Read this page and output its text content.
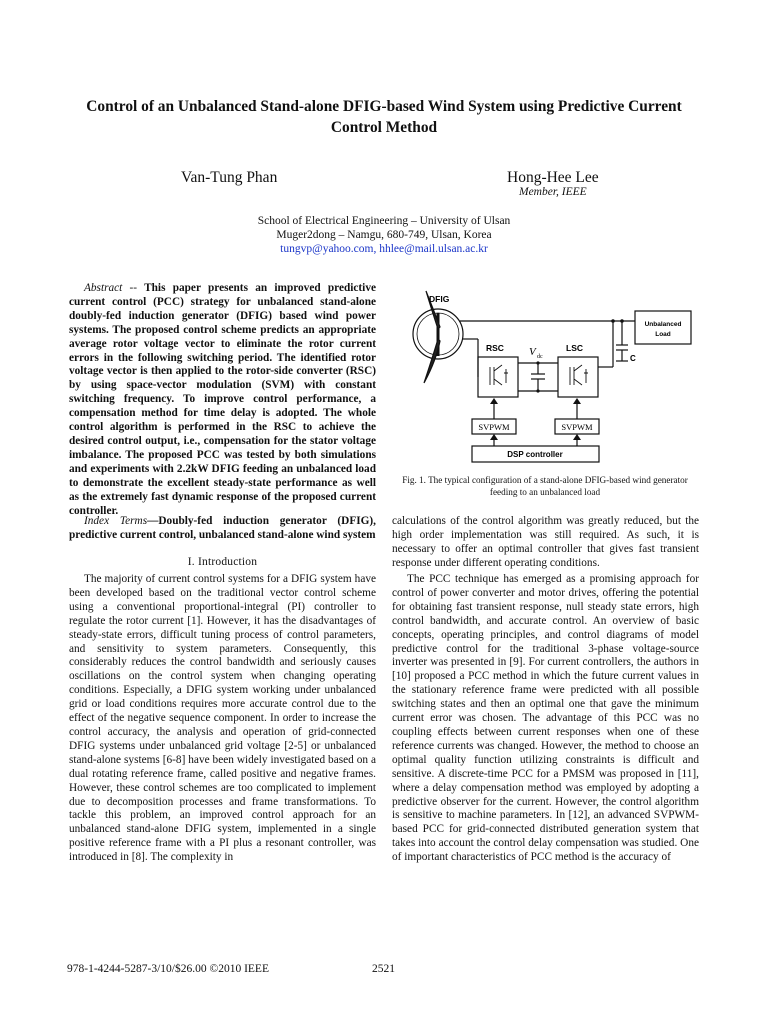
Control of an Unbalanced Stand-alone DFIG-based Wind System using Predictive Current Control Method
Van-Tung Phan	Hong-Hee Lee
Member, IEEE
School of Electrical Engineering – University of Ulsan
Muger2dong – Namgu, 680-749, Ulsan, Korea
tungvp@yahoo.com, hhlee@mail.ulsan.ac.kr
Abstract -- This paper presents an improved predictive current control (PCC) strategy for unbalanced stand-alone doubly-fed induction generator (DFIG) based wind power systems. The proposed control scheme predicts an appropriate average rotor voltage vector to eliminate the rotor current errors in the following switching period. The identified rotor voltage vector is then applied to the rotor-side converter (RSC) by using space-vector modulation (SVM) with constant switching frequency. To improve control performance, a compensation method for time delay is adopted. The whole control algorithm is performed in the RSC to achieve the desired control output, i.e., compensation for the stator voltage imbalance. The proposed PCC was tested by both simulations and experiments with 2.2kW DFIG feeding an unbalanced load to demonstrate the excellent steady-state performance as well as the extremely fast dynamic response of the proposed current controller.
Index Terms—Doubly-fed induction generator (DFIG), predictive current control, unbalanced stand-alone wind system
I. Introduction
The majority of current control systems for a DFIG system have been developed based on the traditional vector control scheme using a conventional proportional-integral (PI) controller to regulate the rotor current [1]. However, it has the disadvantages of steady-state errors, difficult tuning process of control parameters, and sensitivity to system parameters. Consequently, this considerably reduces the control bandwidth and seriously causes oscillations on the control system when changing operating conditions. Especially, a DFIG system working under unbalanced grid or load conditions requires more accurate control due to the effect of the negative sequence component. In order to increase the control accuracy, the analysis and operation of grid-connected DFIG systems under unbalanced grid voltage [2-5] or unbalanced stand-alone systems [6-8] have been widely investigated based on a dual rotating reference frame, called positive and negative frames. However, these control schemes are too complicated to implement due to decomposition processes and frame transformations. To tackle this problem, an improved control approach for an unbalanced stand-alone DFIG system, implemented in a single positive reference frame with a PI plus a resonant controller, was introduced in [8]. The complexity in
calculations of the control algorithm was greatly reduced, but the high order implementation was still required. As such, it is necessary to offer an optimal controller that gives fast transient response under different operating conditions.
The PCC technique has emerged as a promising approach for control of power converter and motor drives, offering the potential for obtaining fast transient response, null steady state errors, high control bandwidth, and accurate control. An overview of basic concepts, operating principles, and control diagrams of model predictive control for the traditional 3-phase voltage-source inverter was presented in [9]. For current controllers, the authors in [10] proposed a PCC method in which the future current values in the stationary reference frame were predicted with all possible switching states and then an optimal one that gave the minimum current error was chosen. The advantage of this PCC was no coupling effects between current responses when one of these reference currents was changed. However, the method to choose an optimal quality function utilizing constraints is difficult and sensitive. A discrete-time PCC for a PMSM was proposed in [11], where a delay compensation method was employed by adopting a predictive observer for the current. However, the control algorithm is sensitive to machine parameters. In [12], an advanced SVPWM-based PCC for grid-connected distributed generation system that takes into account the control delay compensation was studied. One of important characteristics of PCC method is the accuracy of
DFIG
RSC	LSC
V dc
Unbalanced
Load
C
SVPWM	SVPWM
DSP controller
Fig. 1. The typical configuration of a stand-alone DFIG-based wind generator feeding to an unbalanced load
978-1-4244-5287-3/10/$26.00 ©2010 IEEE	2521
